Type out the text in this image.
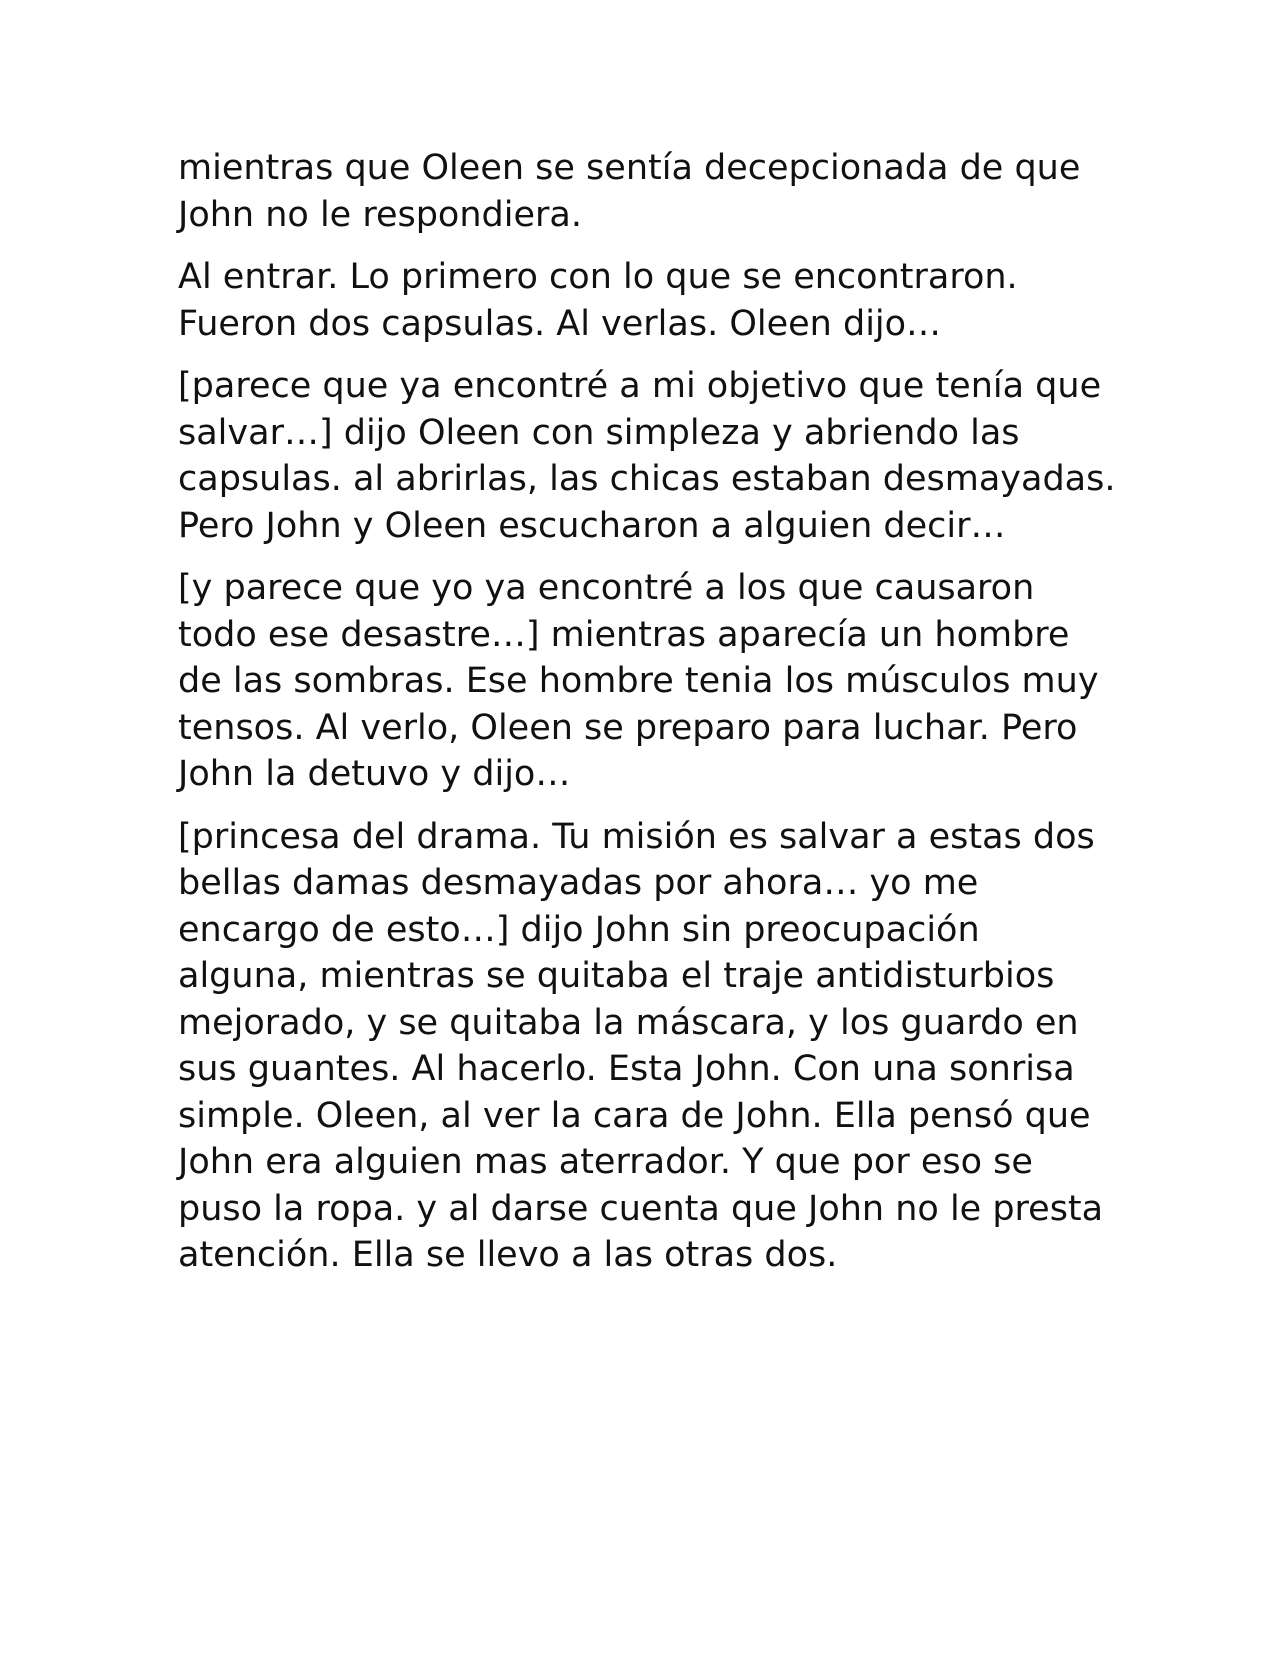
mientras que Oleen se sentía decepcionada de que John no le respondiera.

Al entrar. Lo primero con lo que se encontraron. Fueron dos capsulas. Al verlas. Oleen dijo…

[parece que ya encontré a mi objetivo que tenía que salvar…] dijo Oleen con simpleza y abriendo las capsulas. al abrirlas, las chicas estaban desmayadas. Pero John y Oleen escucharon a alguien decir…

[y parece que yo ya encontré a los que causaron todo ese desastre…] mientras aparecía un hombre de las sombras. Ese hombre tenia los músculos muy tensos. Al verlo, Oleen se preparo para luchar. Pero John la detuvo y dijo…

[princesa del drama. Tu misión es salvar a estas dos bellas damas desmayadas por ahora… yo me encargo de esto…] dijo John sin preocupación alguna, mientras se quitaba el traje antidisturbios mejorado, y se quitaba la máscara, y los guardo en sus guantes. Al hacerlo. Esta John. Con una sonrisa simple. Oleen, al ver la cara de John. Ella pensó que John era alguien mas aterrador. Y que por eso se puso la ropa. y al darse cuenta que John no le presta atención. Ella se llevo a las otras dos.
